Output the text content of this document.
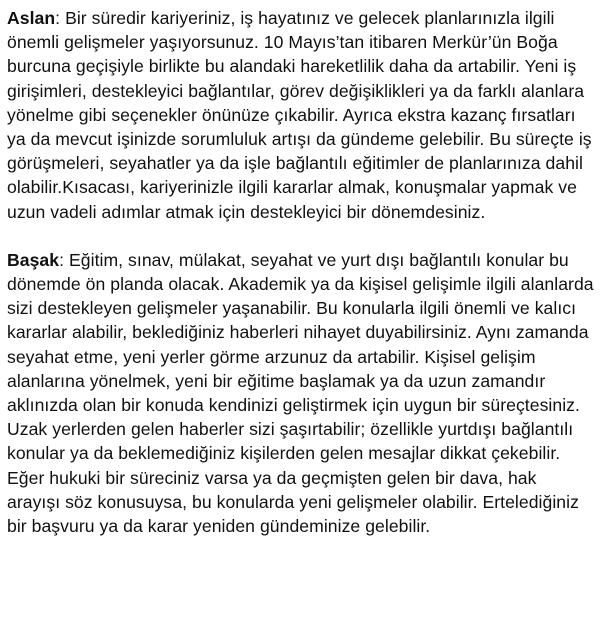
Aslan: Bir süredir kariyeriniz, iş hayatınız ve gelecek planlarınızla ilgili önemli gelişmeler yaşıyorsunuz. 10 Mayıs’tan itibaren Merkür’ün Boğa burcuna geçişiyle birlikte bu alandaki hareketlilik daha da artabilir. Yeni iş girişimleri, destekleyici bağlantılar, görev değişiklikleri ya da farklı alanlara yönelme gibi seçenekler önünüze çıkabilir. Ayrıca ekstra kazanç fırsatları ya da mevcut işinizde sorumluluk artışı da gündeme gelebilir. Bu süreçte iş görüşmeleri, seyahatler ya da işle bağlantılı eğitimler de planlarınıza dahil olabilir.Kısacası, kariyerinizle ilgili kararlar almak, konuşmalar yapmak ve uzun vadeli adımlar atmak için destekleyici bir dönemdesiniz.

Başak: Eğitim, sınav, mülakat, seyahat ve yurt dışı bağlantılı konular bu dönemde ön planda olacak. Akademik ya da kişisel gelişimle ilgili alanlarda sizi destekleyen gelişmeler yaşanabilir. Bu konularla ilgili önemli ve kalıcı kararlar alabilir, beklediğiniz haberleri nihayet duyabilirsiniz. Aynı zamanda seyahat etme, yeni yerler görme arzunuz da artabilir. Kişisel gelişim alanlarına yönelmek, yeni bir eğitime başlamak ya da uzun zamandır aklınızda olan bir konuda kendinizi geliştirmek için uygun bir süreçtesiniz. Uzak yerlerden gelen haberler sizi şaşırtabilir; özellikle yurtdışı bağlantılı konular ya da beklemediğiniz kişilerden gelen mesajlar dikkat çekebilir. Eğer hukuki bir süreciniz varsa ya da geçmişten gelen bir dava, hak arayışı söz konusuysa, bu konularda yeni gelişmeler olabilir. Ertelediğiniz bir başvuru ya da karar yeniden gündeminize gelebilir.
